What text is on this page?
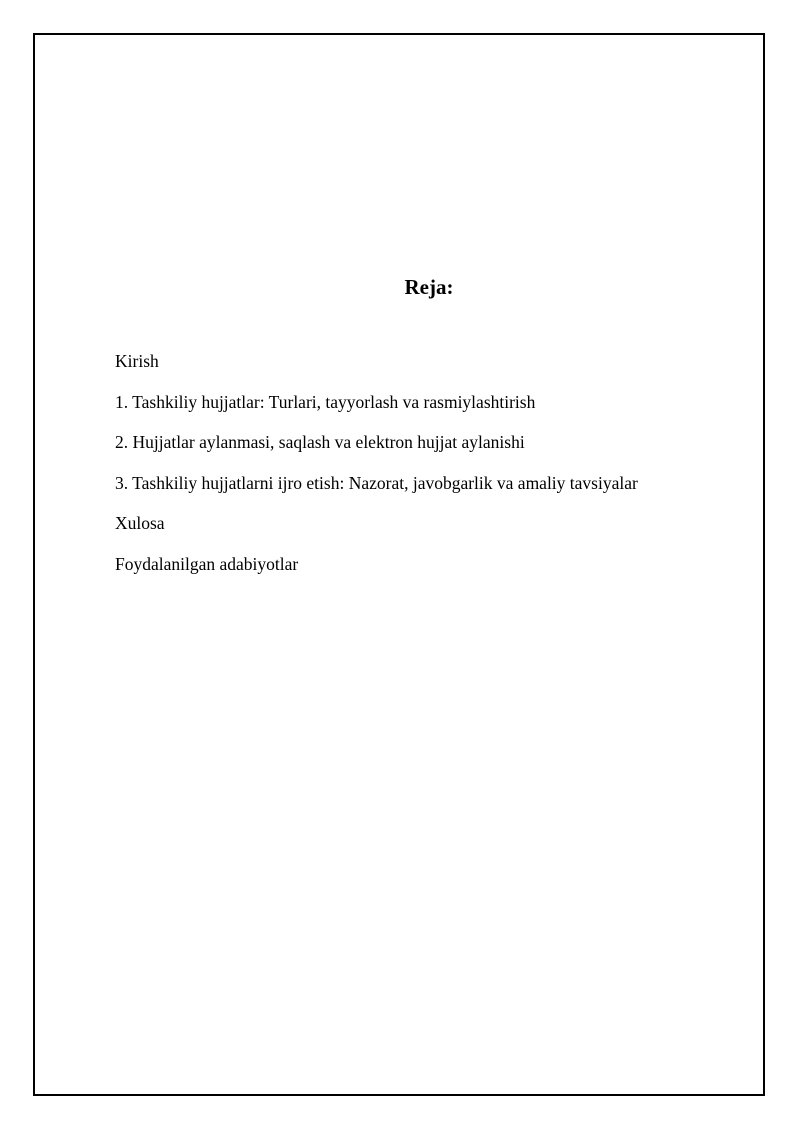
Reja:
Kirish
1. Tashkiliy hujjatlar: Turlari, tayyorlash va rasmiylashtirish
2. Hujjatlar aylanmasi, saqlash va elektron hujjat aylanishi
3. Tashkiliy hujjatlarni ijro etish: Nazorat, javobgarlik va amaliy tavsiyalar
Xulosa
Foydalanilgan adabiyotlar
